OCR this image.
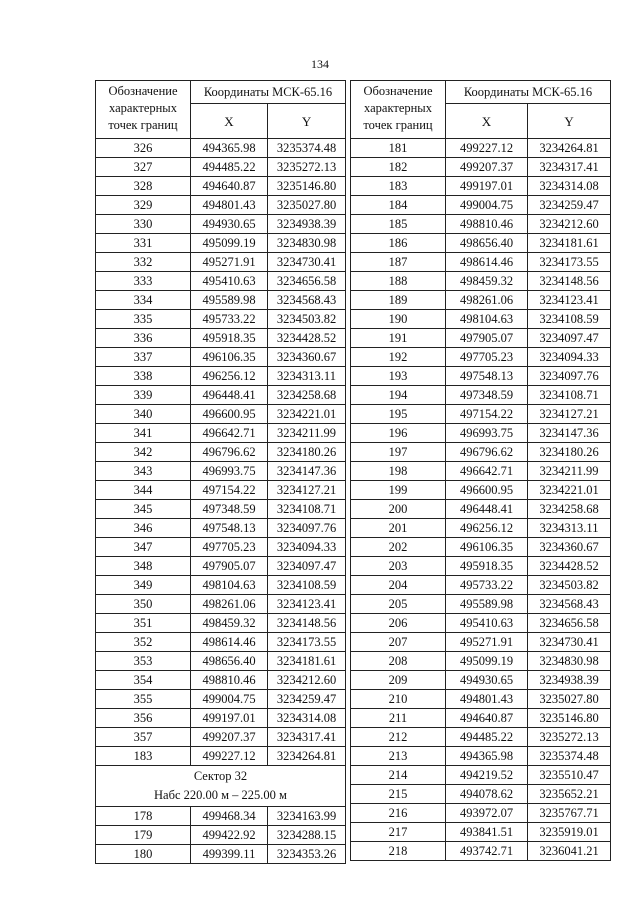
134
Обозначение
характерных
точек границ	Координаты МСК-65.16	
	X	Y
326	494365.98	3235374.48
327	494485.22	3235272.13
328	494640.87	3235146.80
329	494801.43	3235027.80
330	494930.65	3234938.39
331	495099.19	3234830.98
332	495271.91	3234730.41
333	495410.63	3234656.58
334	495589.98	3234568.43
335	495733.22	3234503.82
336	495918.35	3234428.52
337	496106.35	3234360.67
338	496256.12	3234313.11
339	496448.41	3234258.68
340	496600.95	3234221.01
341	496642.71	3234211.99
342	496796.62	3234180.26
343	496993.75	3234147.36
344	497154.22	3234127.21
345	497348.59	3234108.71
346	497548.13	3234097.76
347	497705.23	3234094.33
348	497905.07	3234097.47
349	498104.63	3234108.59
350	498261.06	3234123.41
351	498459.32	3234148.56
352	498614.46	3234173.55
353	498656.40	3234181.61
354	498810.46	3234212.60
355	499004.75	3234259.47
356	499197.01	3234314.08
357	499207.37	3234317.41
183	499227.12	3234264.81

Сектор 32
Набс 220.00 м – 225.00 м		

178	499468.34	3234163.99
179	499422.92	3234288.15
180	499399.11	3234353.26
Обозначение
характерных
точек границ	Координаты МСК-65.16	
	X	Y
181	499227.12	3234264.81
182	499207.37	3234317.41
183	499197.01	3234314.08
184	499004.75	3234259.47
185	498810.46	3234212.60
186	498656.40	3234181.61
187	498614.46	3234173.55
188	498459.32	3234148.56
189	498261.06	3234123.41
190	498104.63	3234108.59
191	497905.07	3234097.47
192	497705.23	3234094.33
193	497548.13	3234097.76
194	497348.59	3234108.71
195	497154.22	3234127.21
196	496993.75	3234147.36
197	496796.62	3234180.26
198	496642.71	3234211.99
199	496600.95	3234221.01
200	496448.41	3234258.68
201	496256.12	3234313.11
202	496106.35	3234360.67
203	495918.35	3234428.52
204	495733.22	3234503.82
205	495589.98	3234568.43
206	495410.63	3234656.58
207	495271.91	3234730.41
208	495099.19	3234830.98
209	494930.65	3234938.39
210	494801.43	3235027.80
211	494640.87	3235146.80
212	494485.22	3235272.13
213	494365.98	3235374.48
214	494219.52	3235510.47
215	494078.62	3235652.21
216	493972.07	3235767.71
217	493841.51	3235919.01
218	493742.71	3236041.21
